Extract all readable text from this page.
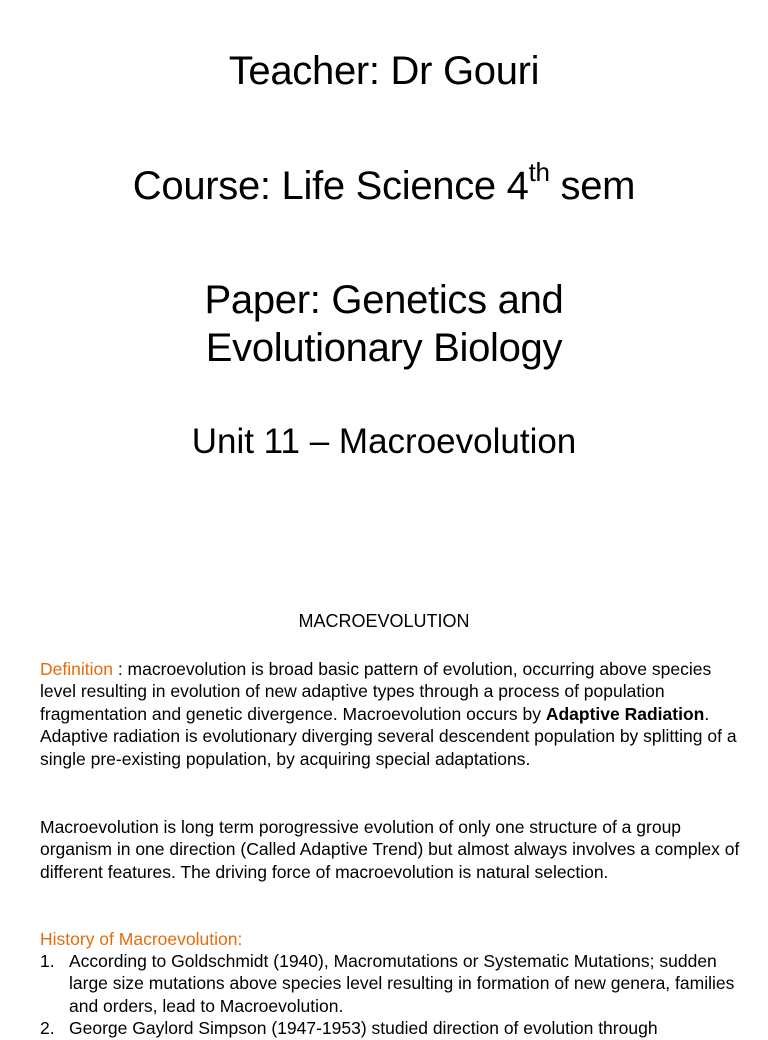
Teacher: Dr Gouri
Course: Life Science 4th sem
Paper: Genetics and
Evolutionary Biology
Unit 11 – Macroevolution
MACROEVOLUTION
Definition : macroevolution is broad basic pattern of evolution, occurring above species level resulting in evolution of new adaptive types through a process of population fragmentation and genetic divergence. Macroevolution occurs by Adaptive Radiation. Adaptive radiation is evolutionary diverging several descendent population by splitting of a single pre-existing population, by acquiring special adaptations.
Macroevolution is long term porogressive evolution of only one structure of a group organism in one direction (Called Adaptive Trend) but almost always involves a complex of different features. The driving force of macroevolution is natural selection.
History of Macroevolution:
1. According to Goldschmidt (1940), Macromutations or Systematic Mutations; sudden large size mutations above species level resulting in formation of new genera, families and orders, lead to Macroevolution.
2. George Gaylord Simpson (1947-1953) studied direction of evolution through
